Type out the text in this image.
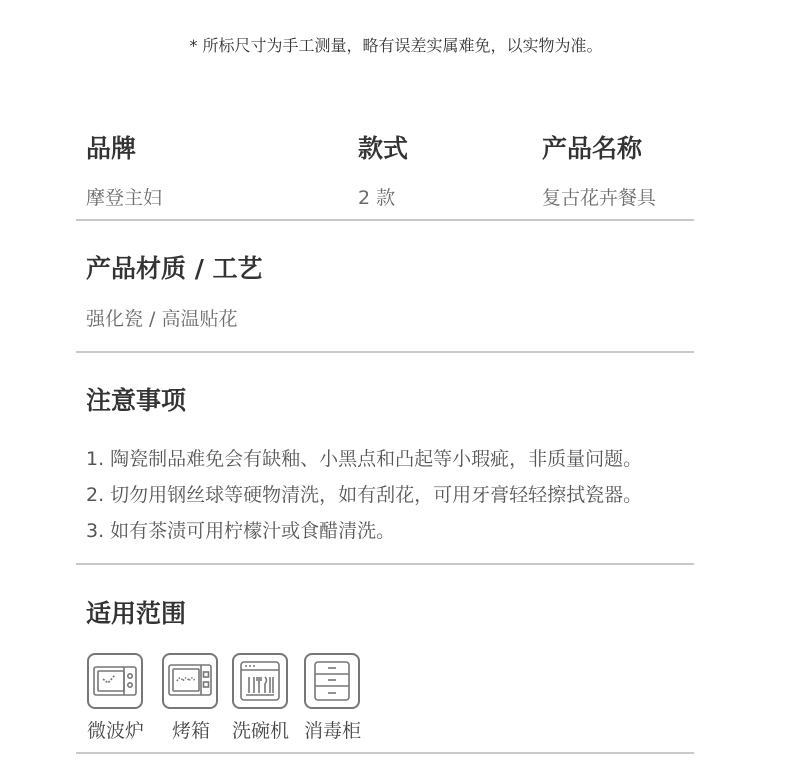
* 所标尺寸为手工测量，略有误差实属难免，以实物为准。
品牌
摩登主妇
款式
2 款
产品名称
复古花卉餐具
产品材质 / 工艺
强化瓷 / 高温贴花
注意事项
1. 陶瓷制品难免会有缺釉、小黑点和凸起等小瑕疵，非质量问题。
2. 切勿用钢丝球等硬物清洗，如有刮花，可用牙膏轻轻擦拭瓷器。
3. 如有茶渍可用柠檬汁或食醋清洗。
适用范围
微波炉 烤箱 洗碗机 消毒柜
